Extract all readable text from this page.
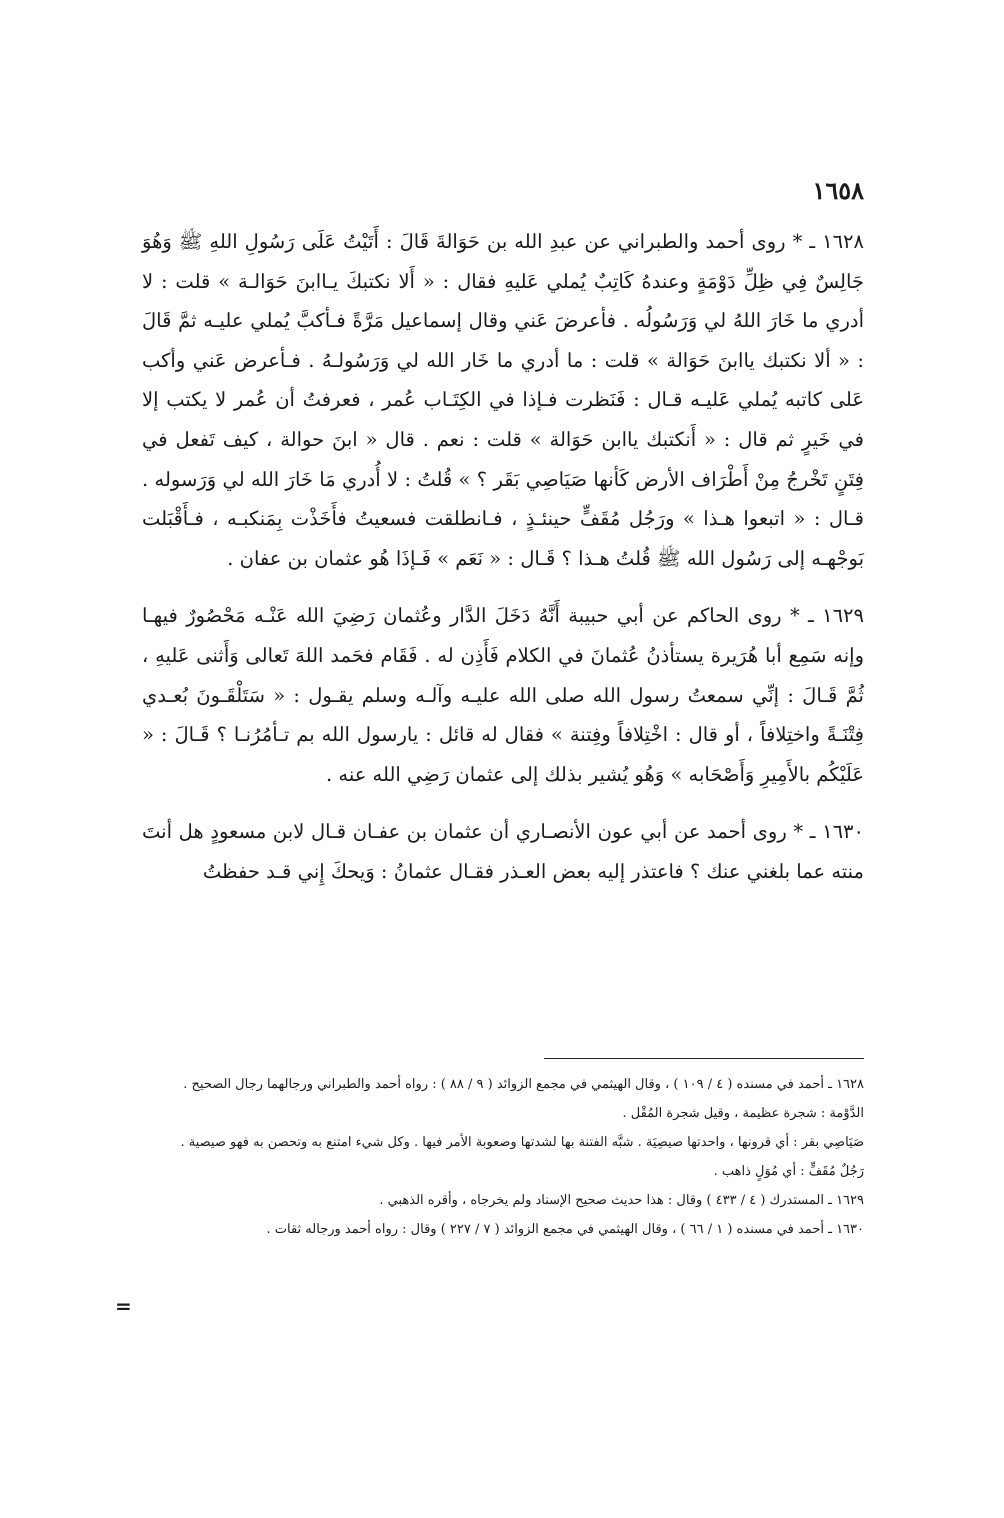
١٦٥٨

١٦٢٨ ـ * روى أحمد والطبراني عن عبدِ الله بن حَوَالةَ قَالَ : أَتَيْتُ عَلَى رَسُولِ اللهِ ﷺ وَهُوَ جَالِسٌ فِي ظِلِّ دَوْمَةٍ وعندهُ كَاتِبٌ يُملي عَليهِ فقال : « أَلا نكتبكَ يـاابنَ حَوَالـة » قلت : لا أدري ما خَارَ اللهُ لي وَرَسُولُه . فأعرضَ عَني وقال إسماعيل مَرَّةً فـأكبَّ يُملي عليـه ثمَّ قَالَ : « ألا نكتبك ياابنَ حَوَالة » قلت : ما أدري ما خَار الله لي وَرَسُولـهُ . فـأعرض عَني وأكب عَلى كاتبه يُملي عَليـه قـال : فَنَظرت فـإذا في الكِتَـاب عُمر ، فعرفتُ أن عُمر لا يكتب إلا في خَيرٍ ثم قال : « أَنكتبك ياابن حَوَالة » قلت : نعم . قال « ابنَ حوالة ، كيف تَفعل في فِتَنٍ تَخْرجُ مِنْ أَطْرَاف الأرض كَأنها صَيَاصِي بَقَر ؟ » قُلتُ : لا أُدري مَا خَارَ الله لي وَرَسوله . قـال : « اتبعوا هـذا » ورَجُل مُقَفٍّ حينئـذٍ ، فـانطلقت فسعيتُ فأَخَذْت بِمَنكبـه ، فـأَقْبَلت بَوجْهـه إلى رَسُول الله ﷺ قُلتُ هـذا ؟ قَـال : « نَعَم » فَـإذَا هُو عثمان بن عفان .

١٦٢٩ ـ * روى الحاكم عن أبي حبيبة أَنَّهُ دَخَلَ الدَّار وعُثمان رَضِيَ الله عَنْـه مَحْصُورٌ فيهـا وإنه سَمِع أبا هُرَيرة يستأذنُ عُثمانَ في الكلام فَأَذِن له . فَقَام فحَمد اللهَ تَعالى وَأَثنى عَليهِ ، ثُمَّ قَـالَ : إنِّي سمعتُ رسول الله صلى الله عليـه وآلـه وسلم يقـول : « سَتَلْقَـونَ بُعـدي فِتْنَـةً واختِلافاً ، أو قال : اخْتِلافاً وفِتنة » فقال له قائل : يارسول الله بم تـأمُرُنـا ؟ قَـالَ : « عَلَيْكُم بالأَمِيرِ وَأَصْحَابه » وَهُو يُشير بذلك إلى عثمان رَضِي الله عنه .

١٦٣٠ ـ * روى أحمد عن أبي عون الأنصـاري أن عثمان بن عفـان قـال لابن مسعودٍ هل أنتَ منته عما بلغني عنك ؟ فاعتذر إليه بعض العـذر فقـال عثمانُ : وَيحكَ إِني قـد حفظتُ

١٦٢٨ ـ أحمد في مسنده ( ٤ / ١٠٩ ) ، وقال الهيثمي في مجمع الزوائد ( ٩ / ٨٨ ) : رواه أحمد والطبراني ورجالهما رجال الصحيح .

الدَّوْمة : شجرة عظيمة ، وقيل شجرة المُقْل .

صَيَاصِي بقر : أي قرونها ، واحدتها صيصِيَة . شبَّه الفتنة بها لشدتها وصعوبة الأمر فيها . وكل شيء امتنع به وتحصن به فهو صيصية .

رَجُلٌ مُقَفٍّ : أي مُوَلٍ ذاهب .

١٦٢٩ ـ المستدرك ( ٤ / ٤٣٣ ) وقال : هذا حديث صحيح الإسناد ولم يخرجاه ، وأقره الذهبي .

١٦٣٠ ـ أحمد في مسنده ( ١ / ٦٦ ) ، وقال الهيثمي في مجمع الزوائد ( ٧ / ٢٢٧ ) وقال : رواه أحمد ورجاله ثقات .

=
